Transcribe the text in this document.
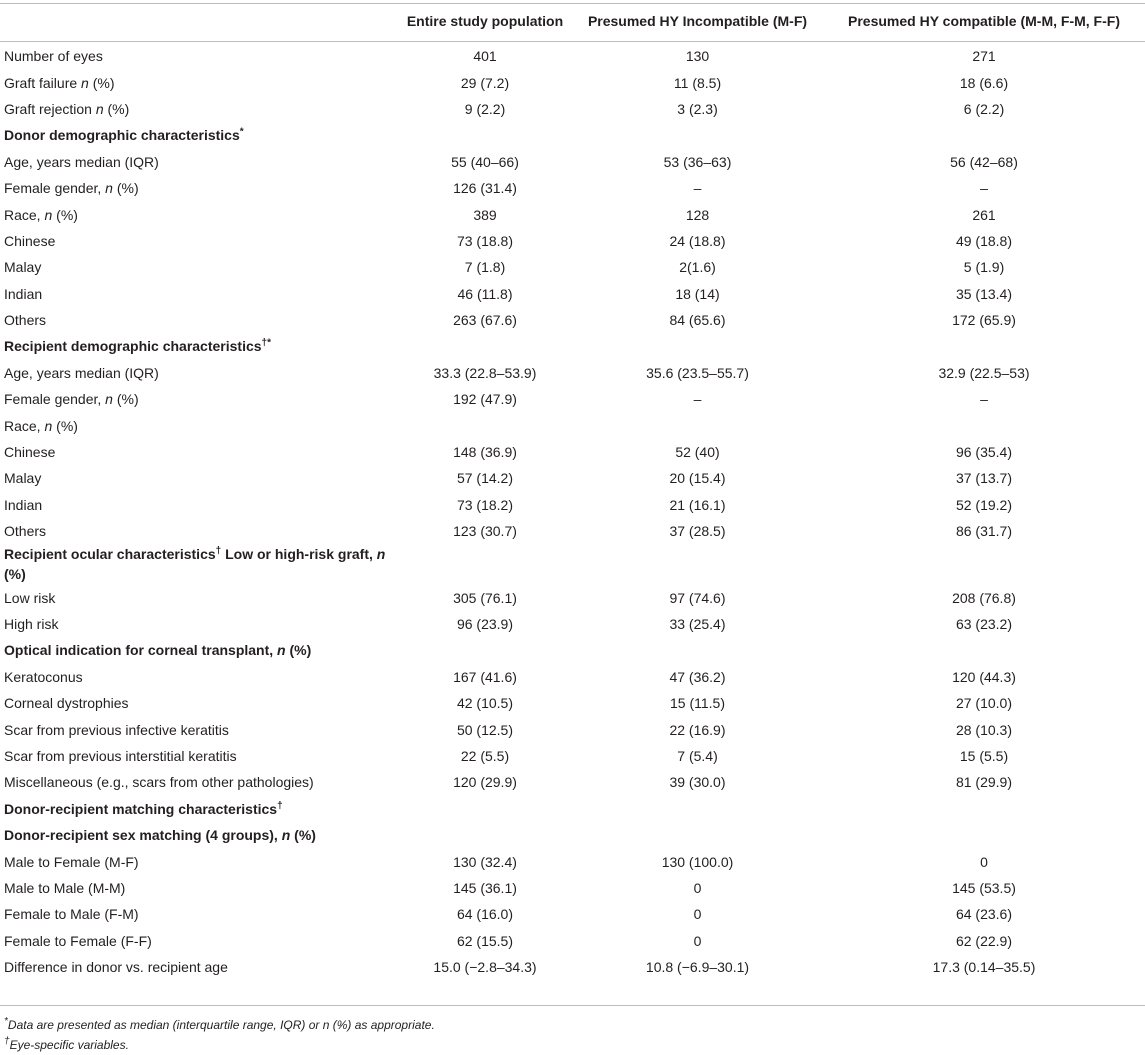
	Entire study population	Presumed HY Incompatible (M-F)	Presumed HY compatible (M-M, F-M, F-F)
Number of eyes	401	130	271
Graft failure n (%)	29 (7.2)	11 (8.5)	18 (6.6)
Graft rejection n (%)	9 (2.2)	3 (2.3)	6 (2.2)
Donor demographic characteristics*			
Age, years median (IQR)	55 (40–66)	53 (36–63)	56 (42–68)
Female gender, n (%)	126 (31.4)	–	–
Race, n (%)	389	128	261
Chinese	73 (18.8)	24 (18.8)	49 (18.8)
Malay	7 (1.8)	2(1.6)	5 (1.9)
Indian	46 (11.8)	18 (14)	35 (13.4)
Others	263 (67.6)	84 (65.6)	172 (65.9)
Recipient demographic characteristics†*			
Age, years median (IQR)	33.3 (22.8–53.9)	35.6 (23.5–55.7)	32.9 (22.5–53)
Female gender, n (%)	192 (47.9)	–	–
Race, n (%)			
Chinese	148 (36.9)	52 (40)	96 (35.4)
Malay	57 (14.2)	20 (15.4)	37 (13.7)
Indian	73 (18.2)	21 (16.1)	52 (19.2)
Others	123 (30.7)	37 (28.5)	86 (31.7)
Recipient ocular characteristics† Low or high-risk graft, n (%)			
Low risk	305 (76.1)	97 (74.6)	208 (76.8)
High risk	96 (23.9)	33 (25.4)	63 (23.2)
Optical indication for corneal transplant, n (%)			
Keratoconus	167 (41.6)	47 (36.2)	120 (44.3)
Corneal dystrophies	42 (10.5)	15 (11.5)	27 (10.0)
Scar from previous infective keratitis	50 (12.5)	22 (16.9)	28 (10.3)
Scar from previous interstitial keratitis	22 (5.5)	7 (5.4)	15 (5.5)
Miscellaneous (e.g., scars from other pathologies)	120 (29.9)	39 (30.0)	81 (29.9)
Donor-recipient matching characteristics†			
Donor-recipient sex matching (4 groups), n (%)			
Male to Female (M-F)	130 (32.4)	130 (100.0)	0
Male to Male (M-M)	145 (36.1)	0	145 (53.5)
Female to Male (F-M)	64 (16.0)	0	64 (23.6)
Female to Female (F-F)	62 (15.5)	0	62 (22.9)
Difference in donor vs. recipient age	15.0 (−2.8–34.3)	10.8 (−6.9–30.1)	17.3 (0.14–35.5)
*Data are presented as median (interquartile range, IQR) or n (%) as appropriate.
†Eye-specific variables.
